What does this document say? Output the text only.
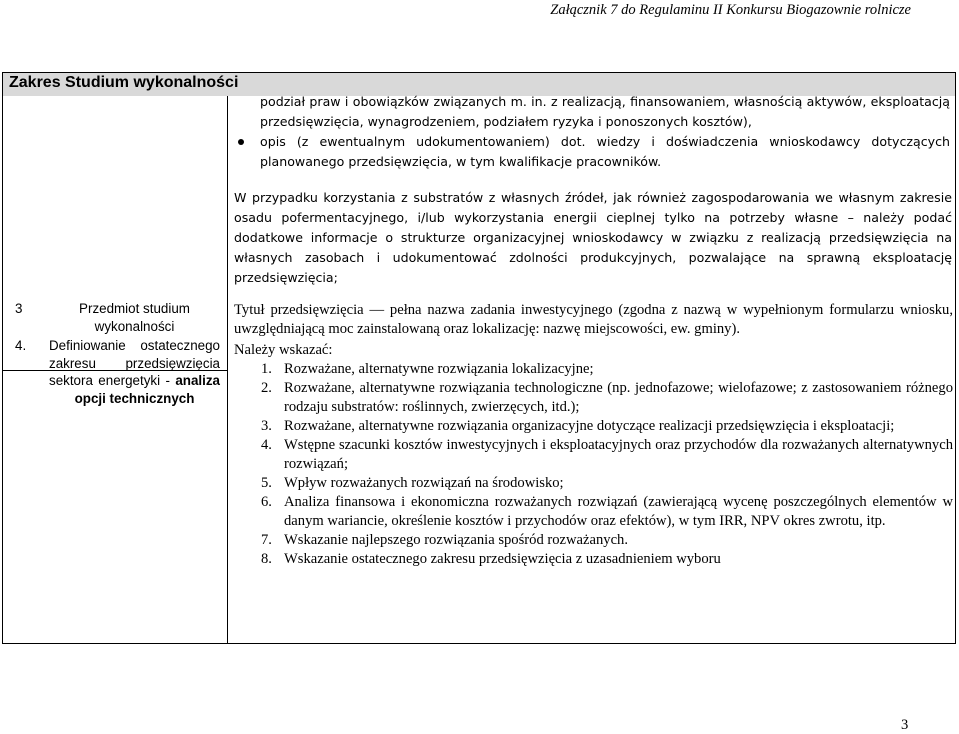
Załącznik 7 do Regulaminu II Konkursu Biogazownie rolnicze
Zakres Studium wykonalności
podział praw i obowiązków związanych m. in. z realizacją, finansowaniem, własnością aktywów, eksploatacją przedsięwzięcia, wynagrodzeniem, podziałem ryzyka i ponoszonych kosztów),
opis (z ewentualnym udokumentowaniem) dot. wiedzy i doświadczenia wnioskodawcy dotyczących planowanego przedsięwzięcia, w tym kwalifikacje pracowników.
W przypadku korzystania z substratów z własnych źródeł, jak również zagospodarowania we własnym zakresie osadu pofermentacyjnego, i/lub wykorzystania energii cieplnej tylko na potrzeby własne – należy podać dodatkowe informacje o strukturze organizacyjnej wnioskodawcy w związku z realizacją przedsięwzięcia na własnych zasobach i udokumentować zdolności produkcyjnych, pozwalające na sprawną eksploatację przedsięwzięcia;
3	Przedmiot studium wykonalności
4. Definiowanie ostatecznego zakresu przedsięwzięcia sektora energetyki - analiza opcji technicznych
Tytuł przedsięwzięcia — pełna nazwa zadania inwestycyjnego (zgodna z nazwą w wypełnionym formularzu wniosku, uwzględniającą moc zainstalowaną oraz lokalizację: nazwę miejscowości, ew. gminy).
Należy wskazać:
1. Rozważane, alternatywne rozwiązania lokalizacyjne;
2. Rozważane, alternatywne rozwiązania technologiczne (np. jednofazowe; wielofazowe; z zastosowaniem różnego rodzaju substratów: roślinnych, zwierzęcych, itd.);
3. Rozważane, alternatywne rozwiązania organizacyjne dotyczące realizacji przedsięwzięcia i eksploatacji;
4. Wstępne szacunki kosztów inwestycyjnych i eksploatacyjnych oraz przychodów dla rozważanych alternatywnych rozwiązań;
5. Wpływ rozważanych rozwiązań na środowisko;
6. Analiza finansowa i ekonomiczna rozważanych rozwiązań (zawierającą wycenę poszczególnych elementów w danym wariancie, określenie kosztów i przychodów oraz efektów), w tym IRR, NPV okres zwrotu, itp.
7. Wskazanie najlepszego rozwiązania spośród rozważanych.
8. Wskazanie ostatecznego zakresu przedsięwzięcia z uzasadnieniem wyboru
3
